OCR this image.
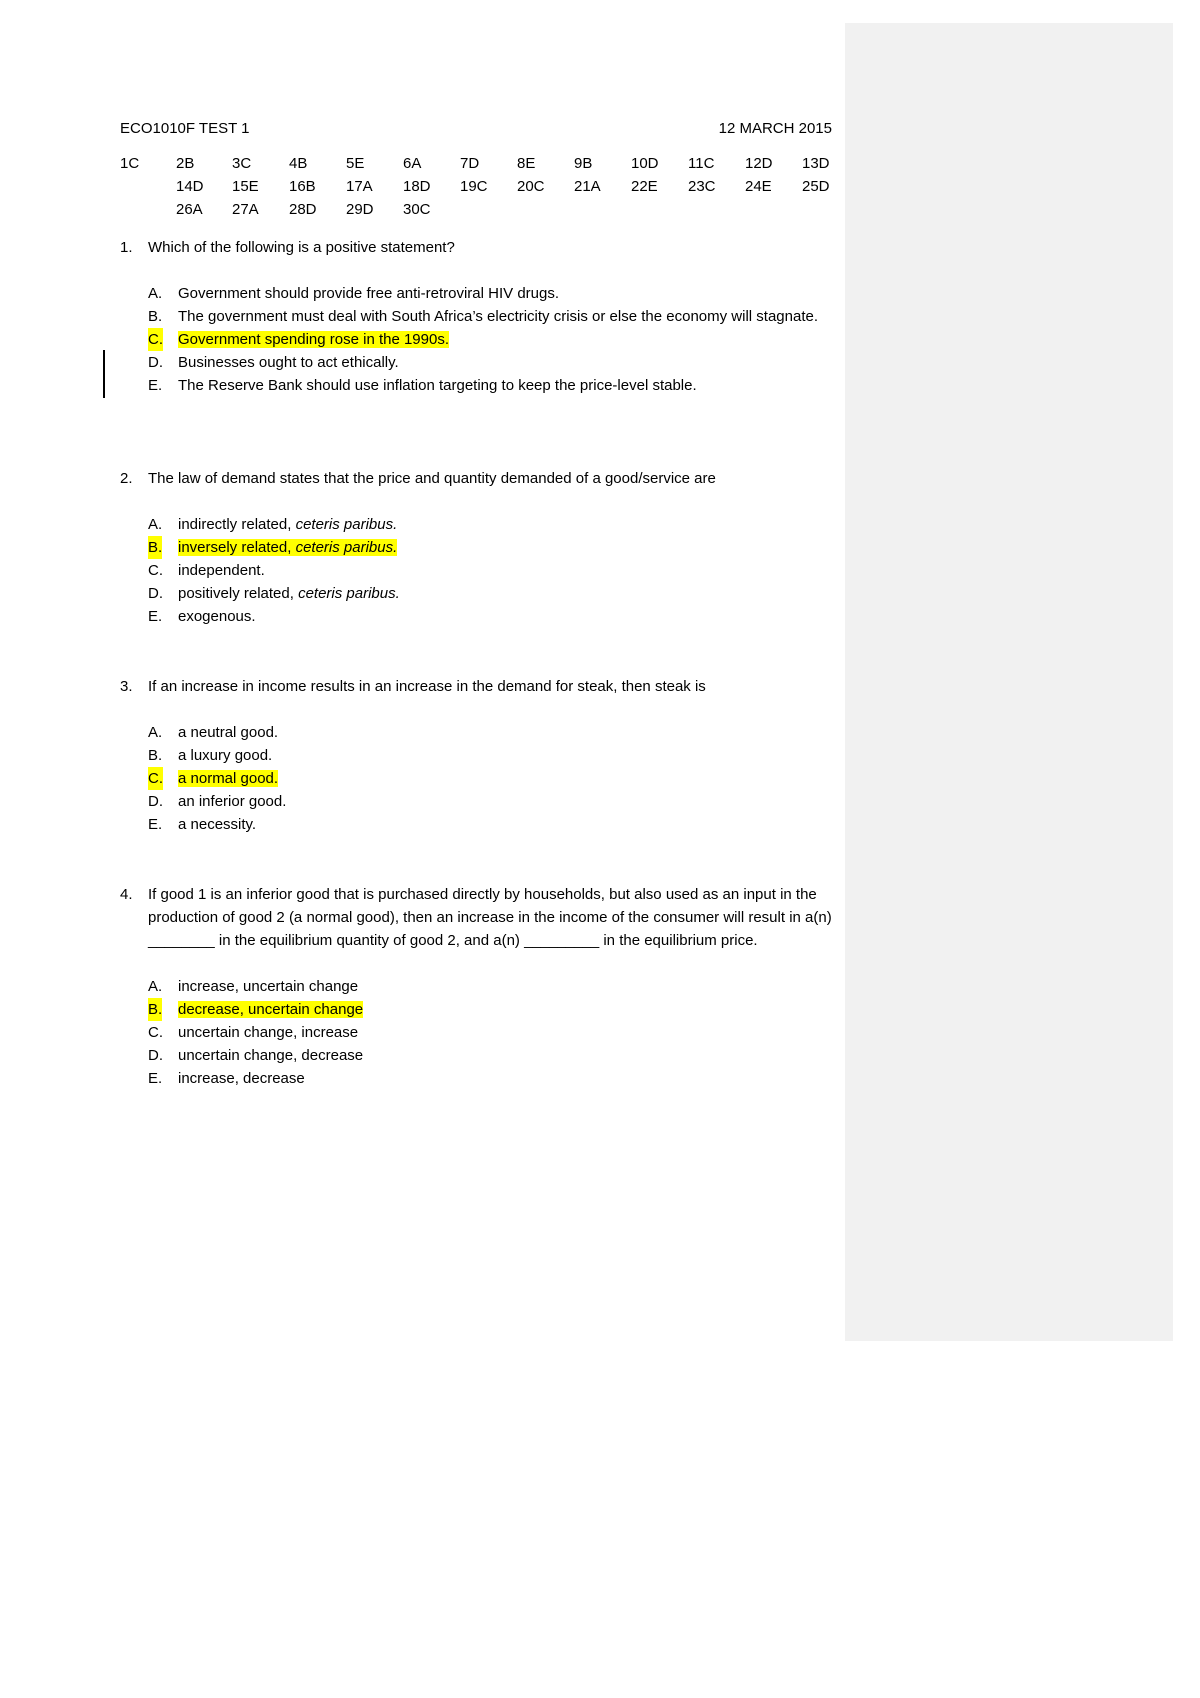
ECO1010F TEST 1	12 MARCH 2015
1C 2B	3C	4B	5E	6A	7D	8E	9B	10D 11C 12D 13D
14D 15E 16B 17A 18D 19C 20C 21A 22E 23C 24E 25D
26A 27A 28D 29D 30C
1. Which of the following is a positive statement?
A. Government should provide free anti-retroviral HIV drugs.
B. The government must deal with South Africa’s electricity crisis or else the economy will stagnate.
C. Government spending rose in the 1990s.
D. Businesses ought to act ethically.
E. The Reserve Bank should use inflation targeting to keep the price-level stable.
2. The law of demand states that the price and quantity demanded of a good/service are
A. indirectly related, ceteris paribus.
B. inversely related, ceteris paribus.
C. independent.
D. positively related, ceteris paribus.
E. exogenous.
3. If an increase in income results in an increase in the demand for steak, then steak is
A. a neutral good.
B. a luxury good.
C. a normal good.
D. an inferior good.
E. a necessity.
4. If good 1 is an inferior good that is purchased directly by households, but also used as an input in the production of good 2 (a normal good), then an increase in the income of the consumer will result in a(n) ________ in the equilibrium quantity of good 2, and a(n) _________ in the equilibrium price.
A. increase, uncertain change
B. decrease, uncertain change
C. uncertain change, increase
D. uncertain change, decrease
E. increase, decrease
